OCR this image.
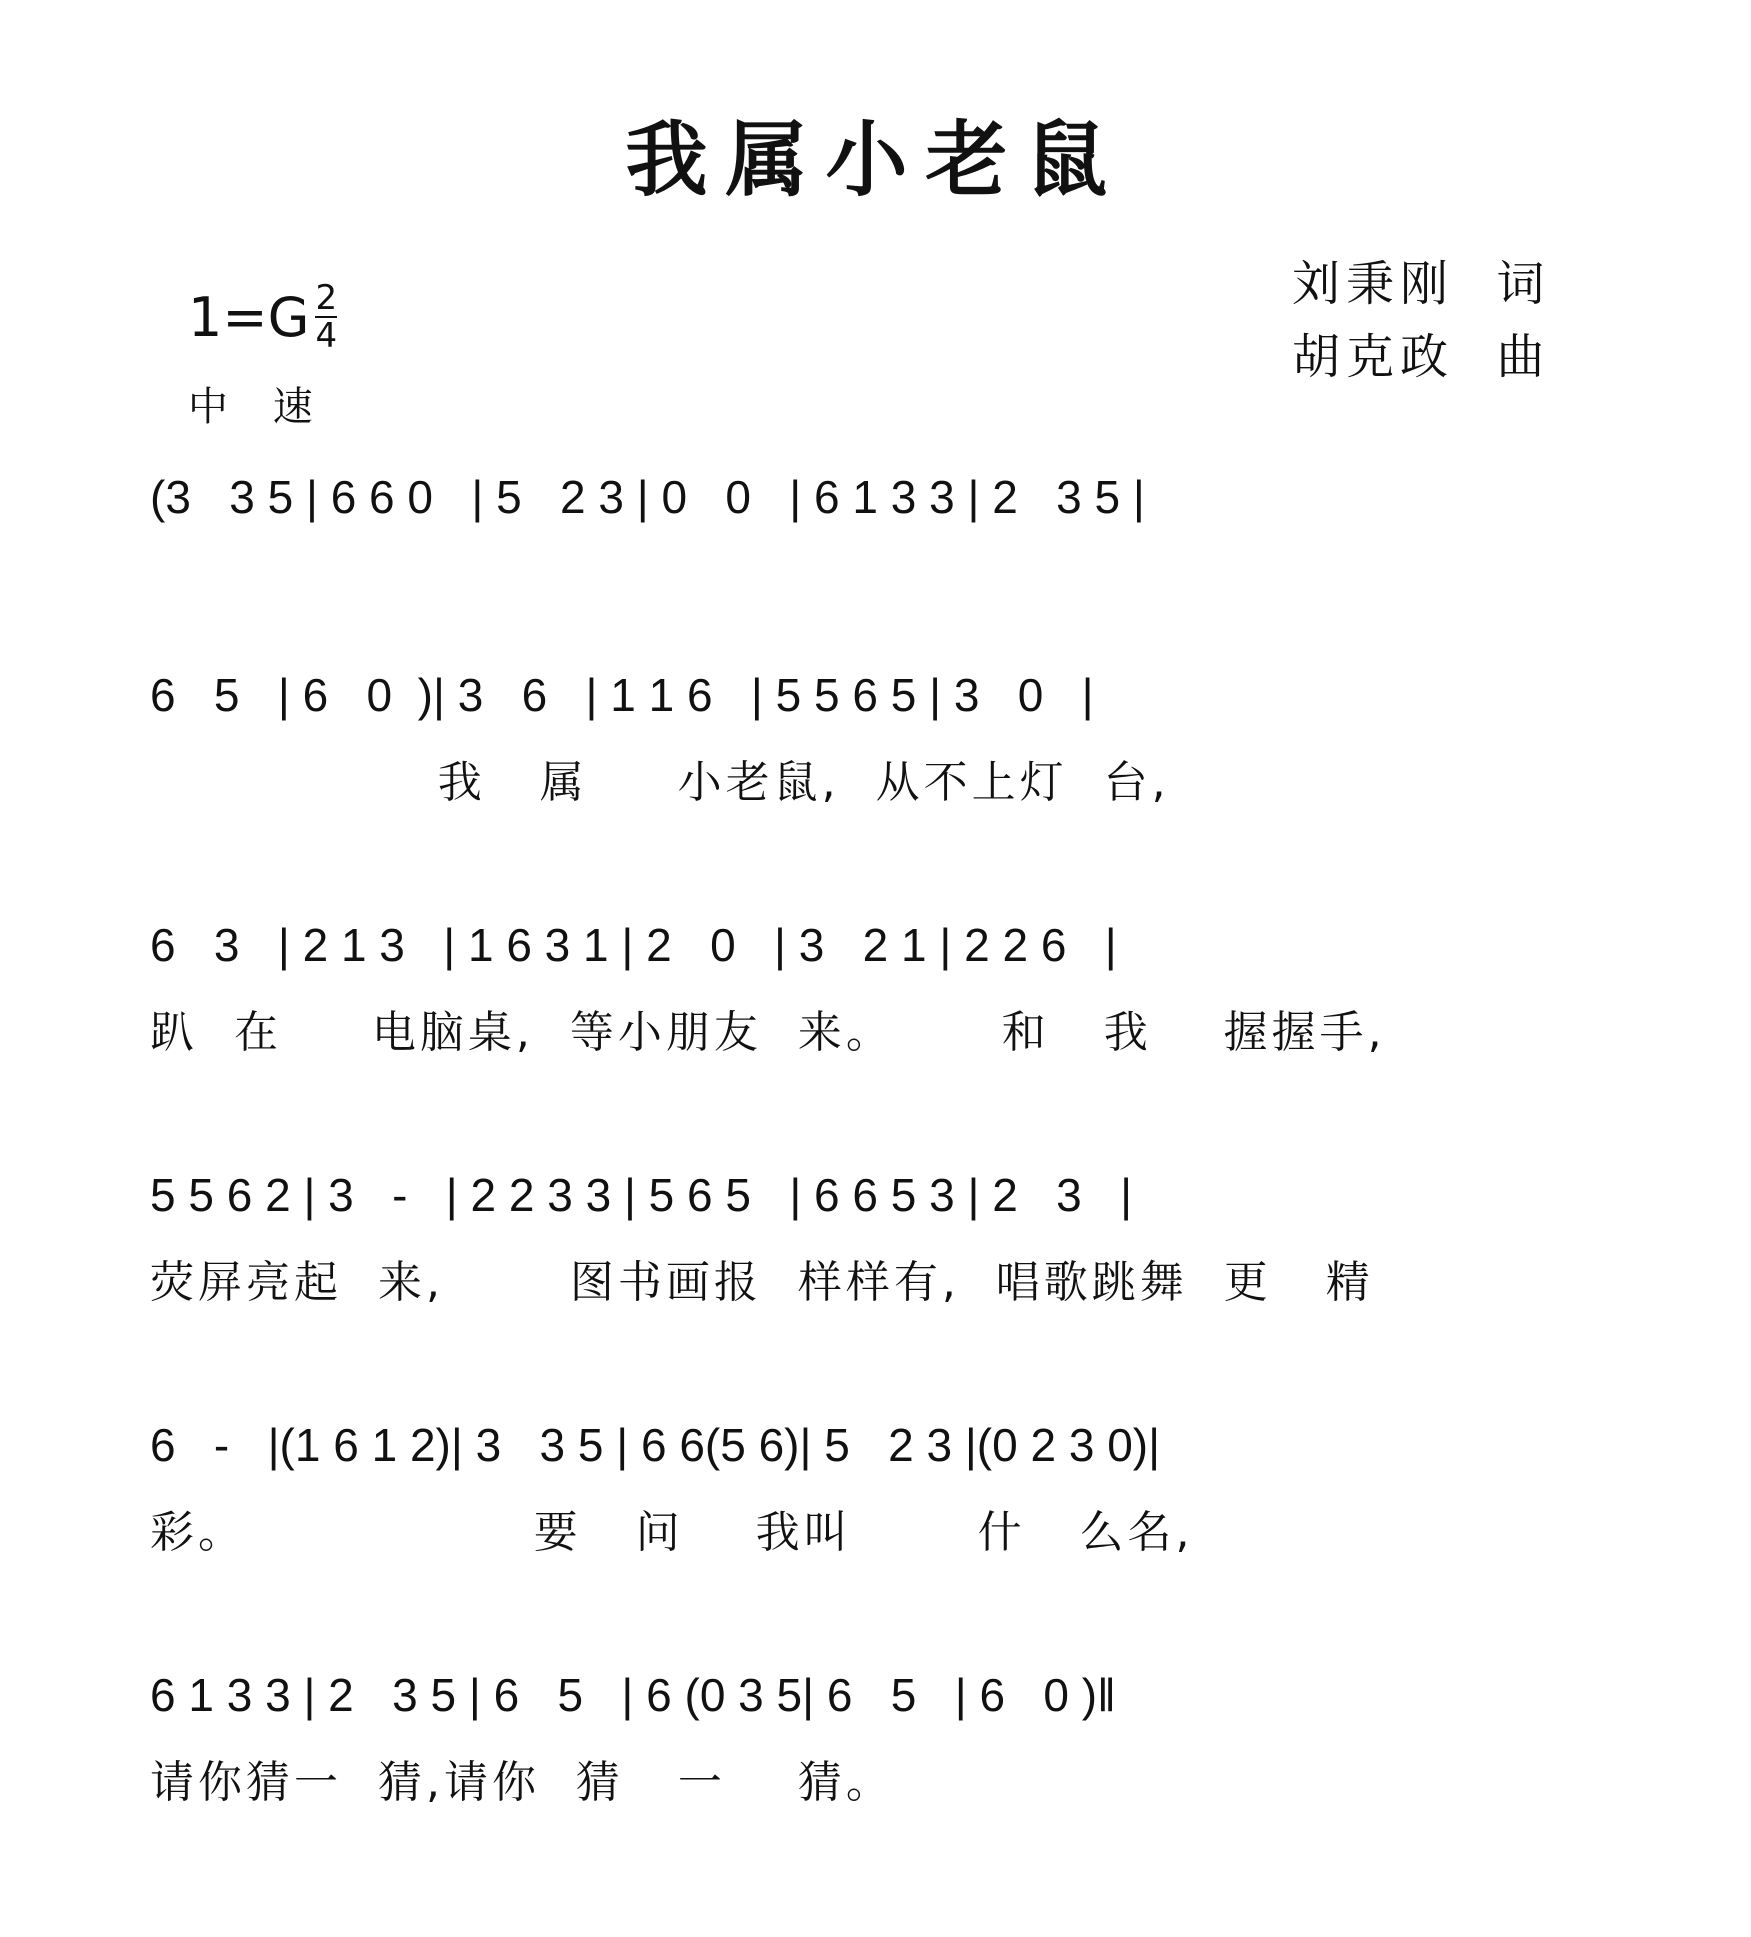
我属小老鼠
刘秉刚  词
胡克政  曲
$1=G \frac{2}{4}$
中 速
(3   3 5 | 6 6 0   | 5   2 3 | 0   0   | 6 1 3 3 | 2   3 5 |
6   5   | 6   0  )| 3   6   | 1 1 6   | 5 5 6 5 | 3   0   |
我   属     小老鼠,  从不上灯  台,
6   3   | 2 1 3   | 1 6 3 1 | 2   0   | 3   2 1 | 2 2 6   |
趴  在     电脑桌,  等小朋友  来。      和   我    握握手,
5 5 6 2 | 3   -   | 2 2 3 3 | 5 6 5   | 6 6 5 3 | 2   3   |
荧屏亮起  来,       图书画报  样样有,  唱歌跳舞  更   精
6   -   |(1 6 1 2)| 3   3 5 | 6 6(5 6)| 5   2 3 |(0 2 3 0)|
彩。                要   问    我叫       什   么名,
6 1 3 3 | 2   3 5 | 6   5   | 6 (0 3 5| 6   5   | 6   0 )‖
请你猜一  猜,请你  猜   一    猜。
